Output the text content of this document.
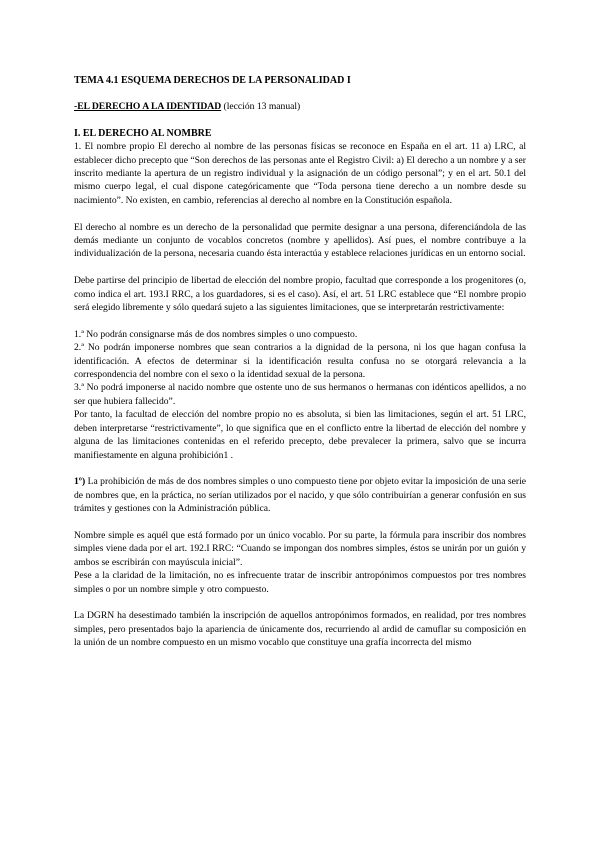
TEMA 4.1 ESQUEMA DERECHOS DE LA PERSONALIDAD I

-EL DERECHO A LA IDENTIDAD (lección 13 manual)

I. EL DERECHO AL NOMBRE

1. El nombre propio El derecho al nombre de las personas físicas se reconoce en España en el art. 11 a) LRC, al establecer dicho precepto que “Son derechos de las personas ante el Registro Civil: a) El derecho a un nombre y a ser inscrito mediante la apertura de un registro individual y la asignación de un código personal”; y en el art. 50.1 del mismo cuerpo legal, el cual dispone categóricamente que “Toda persona tiene derecho a un nombre desde su nacimiento”. No existen, en cambio, referencias al derecho al nombre en la Constitución española.

El derecho al nombre es un derecho de la personalidad que permite designar a una persona, diferenciándola de las demás mediante un conjunto de vocablos concretos (nombre y apellidos). Así pues, el nombre contribuye a la individualización de la persona, necesaria cuando ésta interactúa y establece relaciones jurídicas en un entorno social.

Debe partirse del principio de libertad de elección del nombre propio, facultad que corresponde a los progenitores (o, como indica el art. 193.I RRC, a los guardadores, si es el caso). Así, el art. 51 LRC establece que “El nombre propio será elegido libremente y sólo quedará sujeto a las siguientes limitaciones, que se interpretarán restrictivamente:

1.ª No podrán consignarse más de dos nombres simples o uno compuesto.

2.ª No podrán imponerse nombres que sean contrarios a la dignidad de la persona, ni los que hagan confusa la identificación. A efectos de determinar si la identificación resulta confusa no se otorgará relevancia a la correspondencia del nombre con el sexo o la identidad sexual de la persona.

3.ª No podrá imponerse al nacido nombre que ostente uno de sus hermanos o hermanas con idénticos apellidos, a no ser que hubiera fallecido”.

Por tanto, la facultad de elección del nombre propio no es absoluta, si bien las limitaciones, según el art. 51 LRC, deben interpretarse “restrictivamente”, lo que significa que en el conflicto entre la libertad de elección del nombre y alguna de las limitaciones contenidas en el referido precepto, debe prevalecer la primera, salvo que se incurra manifiestamente en alguna prohibición1 .

1º) La prohibición de más de dos nombres simples o uno compuesto tiene por objeto evitar la imposición de una serie de nombres que, en la práctica, no serían utilizados por el nacido, y que sólo contribuirían a generar confusión en sus trámites y gestiones con la Administración pública.

Nombre simple es aquél que está formado por un único vocablo. Por su parte, la fórmula para inscribir dos nombres simples viene dada por el art. 192.I RRC: “Cuando se impongan dos nombres simples, éstos se unirán por un guión y ambos se escribirán con mayúscula inicial”.

Pese a la claridad de la limitación, no es infrecuente tratar de inscribir antropónimos compuestos por tres nombres simples o por un nombre simple y otro compuesto.

La DGRN ha desestimado también la inscripción de aquellos antropónimos formados, en realidad, por tres nombres simples, pero presentados bajo la apariencia de únicamente dos, recurriendo al ardid de camuflar su composición en la unión de un nombre compuesto en un mismo vocablo que constituye una grafía incorrecta del mismo
